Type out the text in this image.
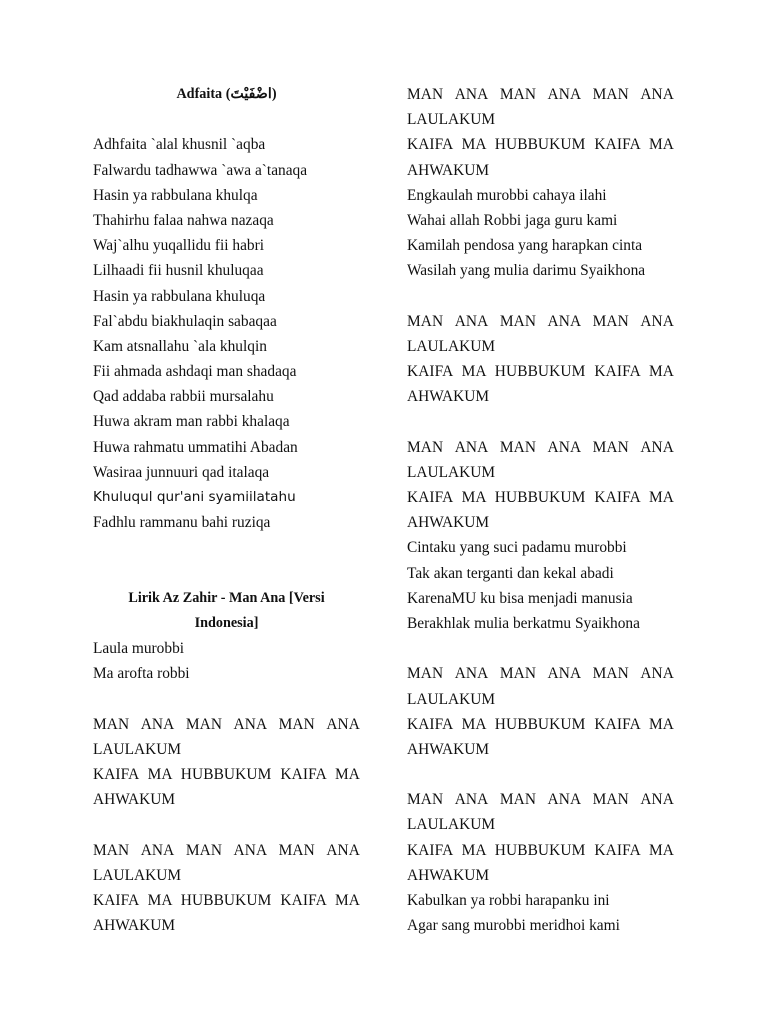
Adfaita (اضْفَيْتَ)
Adhfaita `alal khusnil `aqba
Falwardu tadhawwa `awa a`tanaqa
Hasin ya rabbulana khulqa
Thahirhu falaa nahwa nazaqa
Waj`alhu yuqallidu fii habri
Lilhaadi fii husnil khuluqaa
Hasin ya rabbulana khuluqa
Fal`abdu biakhulaqin sabaqaa
Kam atsnallahu `ala khulqin
Fii ahmada ashdaqi man shadaqa
Qad addaba rabbii mursalahu
Huwa akram man rabbi khalaqa
Huwa rahmatu ummatihi Abadan
Wasiraa junnuuri qad italaqa
Khuluqul qur'ani syamiilatahu
Fadhlu rammanu bahi ruziqa
Lirik Az Zahir - Man Ana [Versi
Indonesia]
Laula murobbi
Ma arofta robbi
MAN ANA MAN ANA MAN ANA
LAULAKUM
KAIFA MA HUBBUKUM KAIFA MA
AHWAKUM
MAN ANA MAN ANA MAN ANA
LAULAKUM
KAIFA MA HUBBUKUM KAIFA MA
AHWAKUM
MAN ANA MAN ANA MAN ANA
LAULAKUM
KAIFA MA HUBBUKUM KAIFA MA
AHWAKUM
Engkaulah murobbi cahaya ilahi
Wahai allah Robbi jaga guru kami
Kamilah pendosa yang harapkan cinta
Wasilah yang mulia darimu Syaikhona
MAN ANA MAN ANA MAN ANA
LAULAKUM
KAIFA MA HUBBUKUM KAIFA MA
AHWAKUM
MAN ANA MAN ANA MAN ANA
LAULAKUM
KAIFA MA HUBBUKUM KAIFA MA
AHWAKUM
Cintaku yang suci padamu murobbi
Tak akan terganti dan kekal abadi
KarenaMU ku bisa menjadi manusia
Berakhlak mulia berkatmu Syaikhona
MAN ANA MAN ANA MAN ANA
LAULAKUM
KAIFA MA HUBBUKUM KAIFA MA
AHWAKUM
MAN ANA MAN ANA MAN ANA
LAULAKUM
KAIFA MA HUBBUKUM KAIFA MA
AHWAKUM
Kabulkan ya robbi harapanku ini
Agar sang murobbi meridhoi kami
